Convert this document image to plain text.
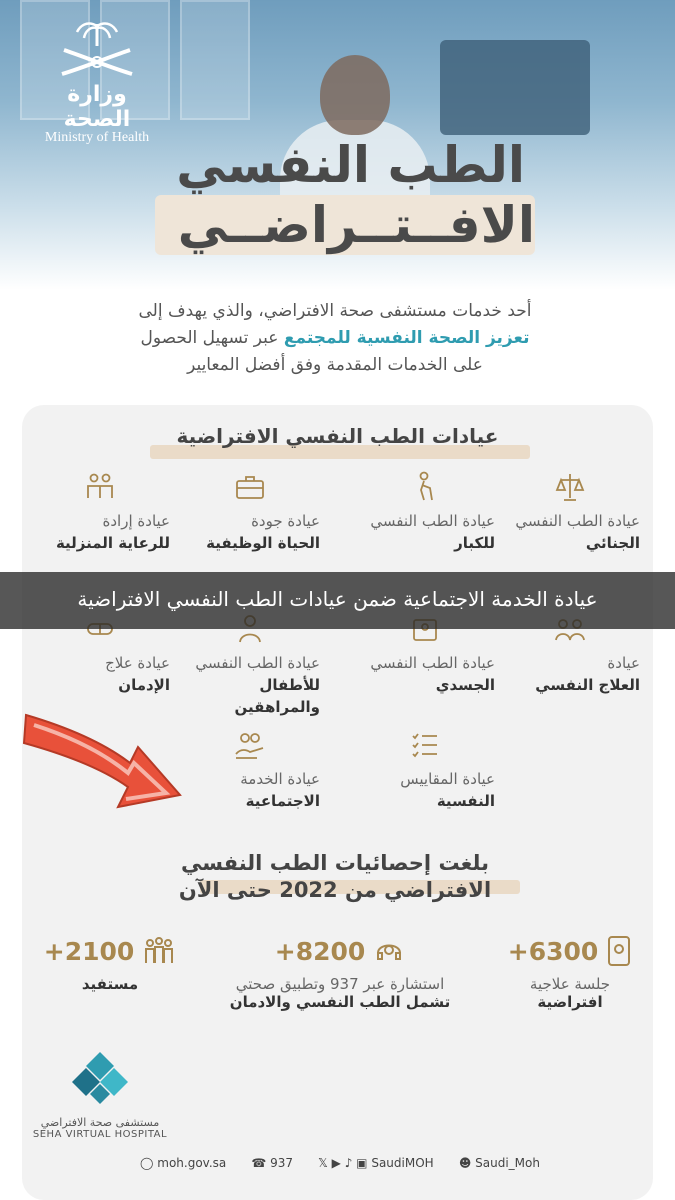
وزارة الصحة
Ministry of Health الطب النفسي
الافــتــراضــي
أحد خدمات مستشفى صحة الافتراضي، والذي يهدف إلى
تعزيز الصحة النفسية للمجتمع عبر تسهيل الحصول
على الخدمات المقدمة وفق أفضل المعايير
عيادات الطب النفسي الافتراضية
عيادة الطب النفسي
الجنائي
عيادة الطب النفسي
للكبار
عيادة جودة
الحياة الوظيفية
عيادة إرادة
للرعاية المنزلية
عيادة
العلاج النفسي
عيادة الطب النفسي
الجسدي
عيادة الطب النفسي
للأطفال والمراهقين
عيادة علاج
الإدمان
عيادة المقاييس
النفسية
عيادة الخدمة
الاجتماعية
عيادة الخدمة الاجتماعية ضمن عيادات الطب النفسي الافتراضية
بلغت إحصائيات الطب النفسي
الافتراضي من 2022 حتى الآن
6300+
جلسة علاجية
افتراضية
8200+
استشارة عبر 937 وتطبيق صحتي
تشمل الطب النفسي والادمان
2100+
مستفيد
مستشفى صحة الافتراضي
SEHA VIRTUAL HOSPITAL
◯ moh.gov.sa ☎ 937 𝕏 ▶ ♪ ▣ SaudiMOH ☻ Saudi_Moh
